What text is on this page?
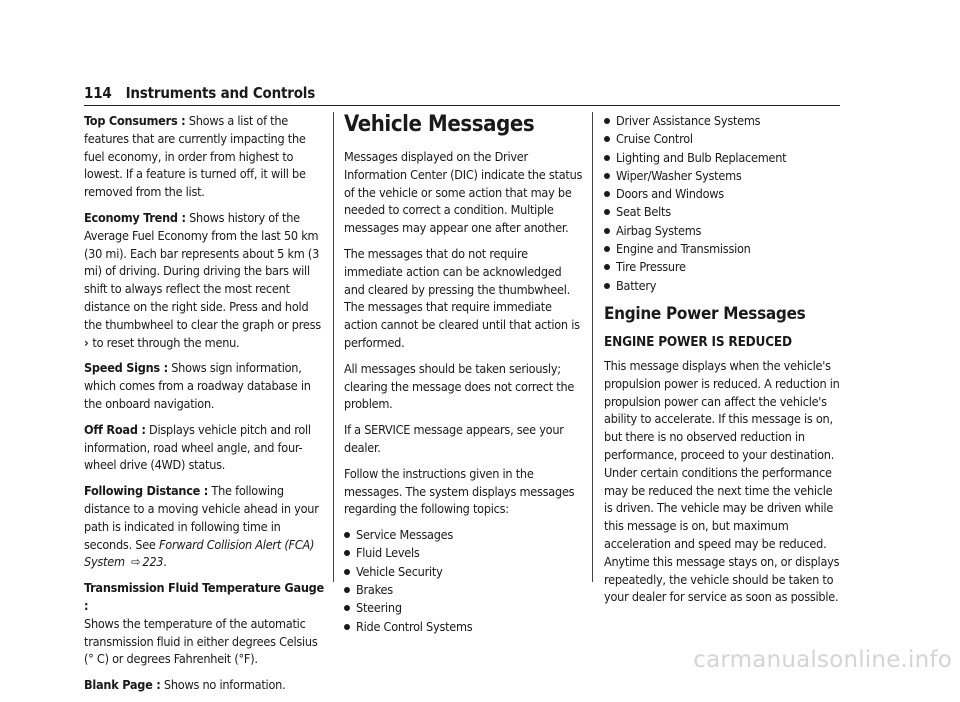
114 Instruments and Controls

Top Consumers : Shows a list of the features that are currently impacting the fuel economy, in order from highest to lowest. If a feature is turned off, it will be removed from the list.

Economy Trend : Shows history of the Average Fuel Economy from the last 50 km (30 mi). Each bar represents about 5 km (3 mi) of driving. During driving the bars will shift to always reflect the most recent distance on the right side. Press and hold the thumbwheel to clear the graph or press
› to reset through the menu.

Speed Signs : Shows sign information, which comes from a roadway database in the onboard navigation.

Off Road : Displays vehicle pitch and roll information, road wheel angle, and four-wheel drive (4WD) status.

Following Distance : The following distance to a moving vehicle ahead in your path is indicated in following time in seconds. See Forward Collision Alert (FCA) System ⇨ 223.

Transmission Fluid Temperature Gauge :
Shows the temperature of the automatic transmission fluid in either degrees Celsius (° C) or degrees Fahrenheit (°F).

Blank Page : Shows no information.

Vehicle Messages

Messages displayed on the Driver Information Center (DIC) indicate the status of the vehicle or some action that may be needed to correct a condition. Multiple messages may appear one after another.

The messages that do not require immediate action can be acknowledged and cleared by pressing the thumbwheel. The messages that require immediate action cannot be cleared until that action is performed.

All messages should be taken seriously; clearing the message does not correct the problem.

If a SERVICE message appears, see your dealer.

Follow the instructions given in the messages. The system displays messages regarding the following topics:

Service Messages
Fluid Levels
Vehicle Security
Brakes
Steering
Ride Control Systems
Driver Assistance Systems
Cruise Control
Lighting and Bulb Replacement
Wiper/Washer Systems
Doors and Windows
Seat Belts
Airbag Systems
Engine and Transmission
Tire Pressure
Battery
Engine Power Messages
ENGINE POWER IS REDUCED

This message displays when the vehicle's propulsion power is reduced. A reduction in propulsion power can affect the vehicle's ability to accelerate. If this message is on, but there is no observed reduction in performance, proceed to your destination. Under certain conditions the performance may be reduced the next time the vehicle is driven. The vehicle may be driven while this message is on, but maximum acceleration and speed may be reduced. Anytime this message stays on, or displays repeatedly, the vehicle should be taken to your dealer for service as soon as possible.

carmanualsonline.info
